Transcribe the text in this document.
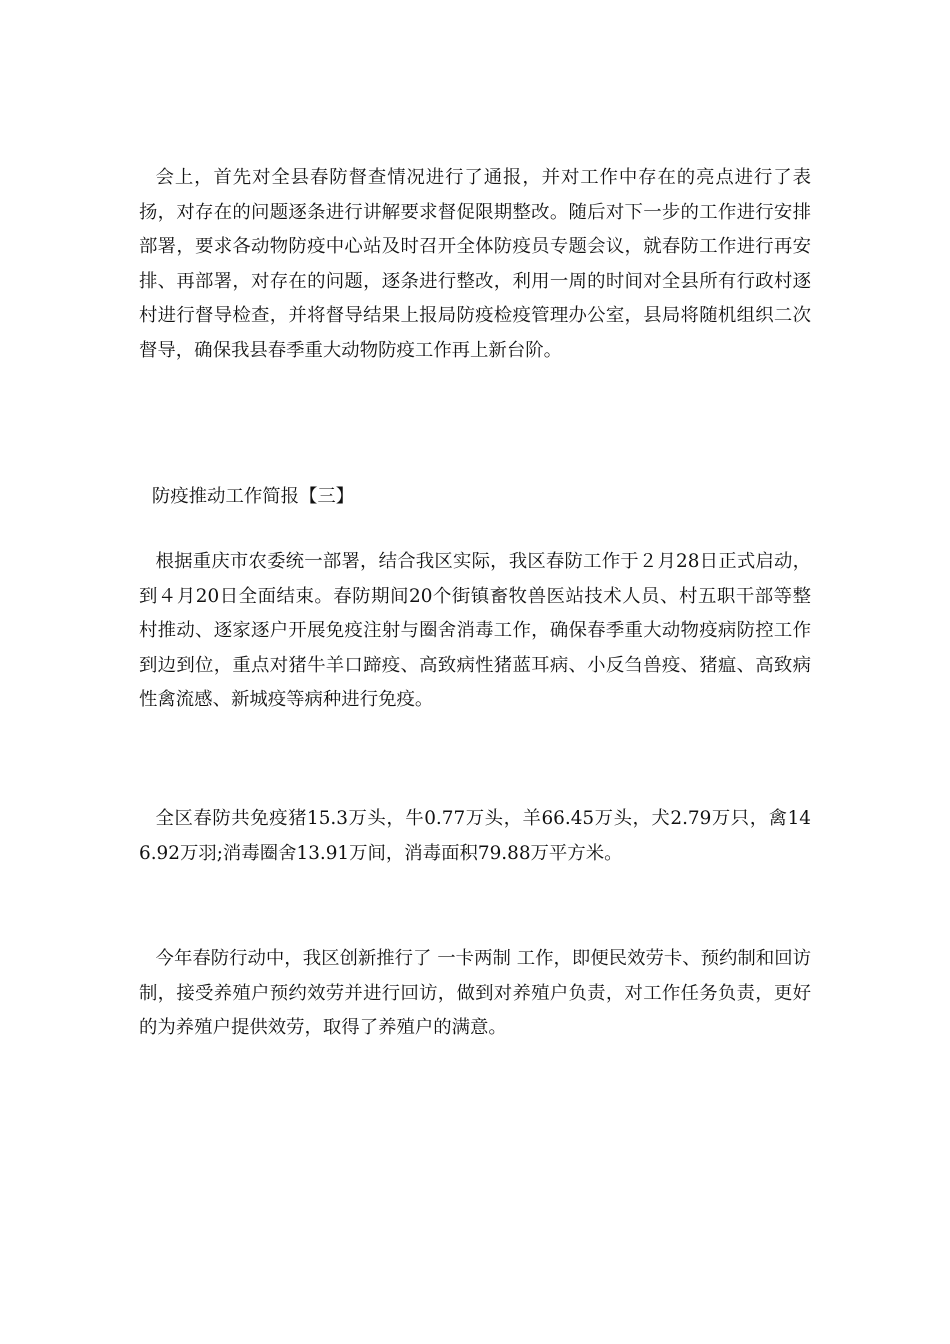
会上，首先对全县春防督查情况进行了通报，并对工作中存在的亮点进行了表扬，对存在的问题逐条进行讲解要求督促限期整改。随后对下一步的工作进行安排部署，要求各动物防疫中心站及时召开全体防疫员专题会议，就春防工作进行再安排、再部署，对存在的问题，逐条进行整改，利用一周的时间对全县所有行政村逐村进行督导检查，并将督导结果上报局防疫检疫管理办公室，县局将随机组织二次督导，确保我县春季重大动物防疫工作再上新台阶。

防疫推动工作简报【三】

根据重庆市农委统一部署，结合我区实际，我区春防工作于２月28日正式启动，到４月20日全面结束。春防期间20个街镇畜牧兽医站技术人员、村五职干部等整村推动、逐家逐户开展免疫注射与圈舍消毒工作，确保春季重大动物疫病防控工作到边到位，重点对猪牛羊口蹄疫、高致病性猪蓝耳病、小反刍兽疫、猪瘟、高致病性禽流感、新城疫等病种进行免疫。

全区春防共免疫猪15.3万头，牛0.77万头，羊66.45万头，犬2.79万只，禽146.92万羽;消毒圈舍13.91万间，消毒面积79.88万平方米。

今年春防行动中，我区创新推行了 一卡两制 工作，即便民效劳卡、预约制和回访制，接受养殖户预约效劳并进行回访，做到对养殖户负责，对工作任务负责，更好的为养殖户提供效劳，取得了养殖户的满意。
